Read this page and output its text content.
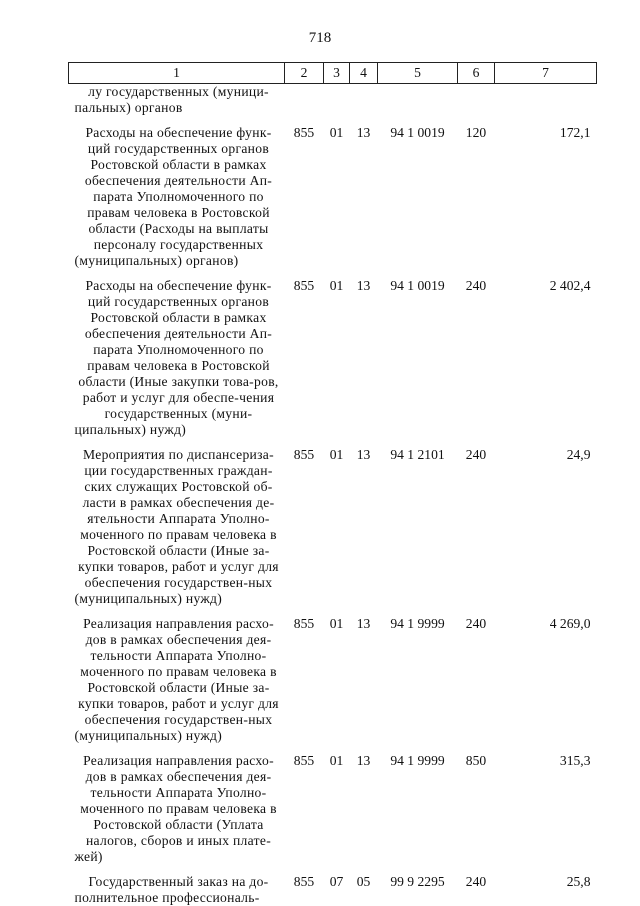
718
1	2	3	4	5	6	7
лу государственных (муници-пальных) органов						
Расходы на обеспечение функ-ций государственных органов Ростовской области в рамках обеспечения деятельности Ап-парата Уполномоченного по правам человека в Ростовской области (Расходы на выплаты персоналу государственных (муниципальных) органов)	855	01	13	94 1 0019	120	172,1
Расходы на обеспечение функ-ций государственных органов Ростовской области в рамках обеспечения деятельности Ап-парата Уполномоченного по правам человека в Ростовской области (Иные закупки това-ров, работ и услуг для обеспе-чения государственных (муни-ципальных) нужд)	855	01	13	94 1 0019	240	2 402,4
Мероприятия по диспансериза-ции государственных граждан-ских служащих Ростовской об-ласти в рамках обеспечения де-ятельности Аппарата Уполно-моченного по правам человека в Ростовской области (Иные за-купки товаров, работ и услуг для обеспечения государствен-ных (муниципальных) нужд)	855	01	13	94 1 2101	240	24,9
Реализация направления расхо-дов в рамках обеспечения дея-тельности Аппарата Уполно-моченного по правам человека в Ростовской области (Иные за-купки товаров, работ и услуг для обеспечения государствен-ных (муниципальных) нужд)	855	01	13	94 1 9999	240	4 269,0
Реализация направления расхо-дов в рамках обеспечения дея-тельности Аппарата Уполно-моченного по правам человека в Ростовской области (Уплата налогов, сборов и иных плате-жей)	855	01	13	94 1 9999	850	315,3
Государственный заказ на до-полнительное профессиональ-	855	07	05	99 9 2295	240	25,8
